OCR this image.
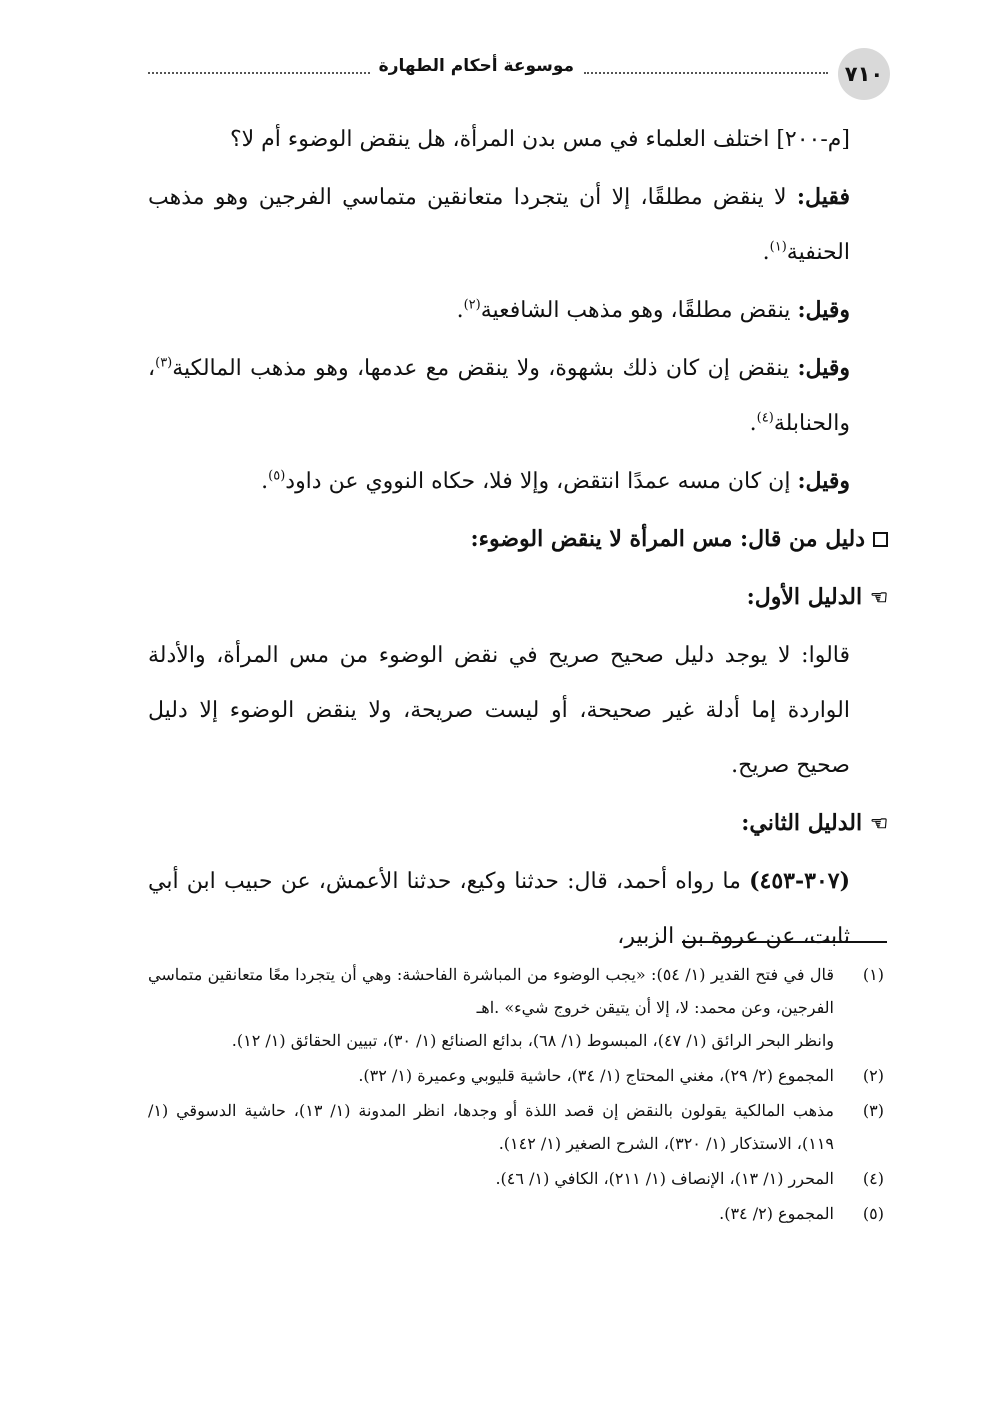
٧١٠
موسوعة أحكام الطهارة

[م-٢٠٠] اختلف العلماء في مس بدن المرأة، هل ينقض الوضوء أم لا؟

فقيل: لا ينقض مطلقًا، إلا أن يتجردا متعانقين متماسي الفرجين وهو مذهب الحنفية$^{(١)}$.

وقيل: ينقض مطلقًا، وهو مذهب الشافعية$^{(٢)}$.

وقيل: ينقض إن كان ذلك بشهوة، ولا ينقض مع عدمها، وهو مذهب المالكية$^{(٣)}$، والحنابلة$^{(٤)}$.

وقيل: إن كان مسه عمدًا انتقض، وإلا فلا، حكاه النووي عن داود$^{(٥)}$.

دليل من قال: مس المرأة لا ينقض الوضوء:
☜
الدليل الأول:

قالوا: لا يوجد دليل صحيح صريح في نقض الوضوء من مس المرأة، والأدلة الواردة إما أدلة غير صحيحة، أو ليست صريحة، ولا ينقض الوضوء إلا دليل صحيح صريح.

☜
الدليل الثاني:

(٣٠٧-٤٥٣) ما رواه أحمد، قال: حدثنا وكيع، حدثنا الأعمش، عن حبيب ابن أبي ثابت، عن عروة بن الزبير،

(١)
قال في فتح القدير (١/ ٥٤): «يجب الوضوء من المباشرة الفاحشة: وهي أن يتجردا معًا متعانقين متماسي الفرجين، وعن محمد: لا، إلا أن يتيقن خروج شيء» .اهـ
وانظر البحر الرائق (١/ ٤٧)، المبسوط (١/ ٦٨)، بدائع الصنائع (١/ ٣٠)، تبيين الحقائق (١/ ١٢).
(٢)
المجموع (٢/ ٢٩)، مغني المحتاج (١/ ٣٤)، حاشية قليوبي وعميرة (١/ ٣٢).
(٣)
مذهب المالكية يقولون بالنقض إن قصد اللذة أو وجدها، انظر المدونة (١/ ١٣)، حاشية الدسوقي (١/ ١١٩)، الاستذكار (١/ ٣٢٠)، الشرح الصغير (١/ ١٤٢).
(٤)
المحرر (١/ ١٣)، الإنصاف (١/ ٢١١)، الكافي (١/ ٤٦).
(٥)
المجموع (٢/ ٣٤).
